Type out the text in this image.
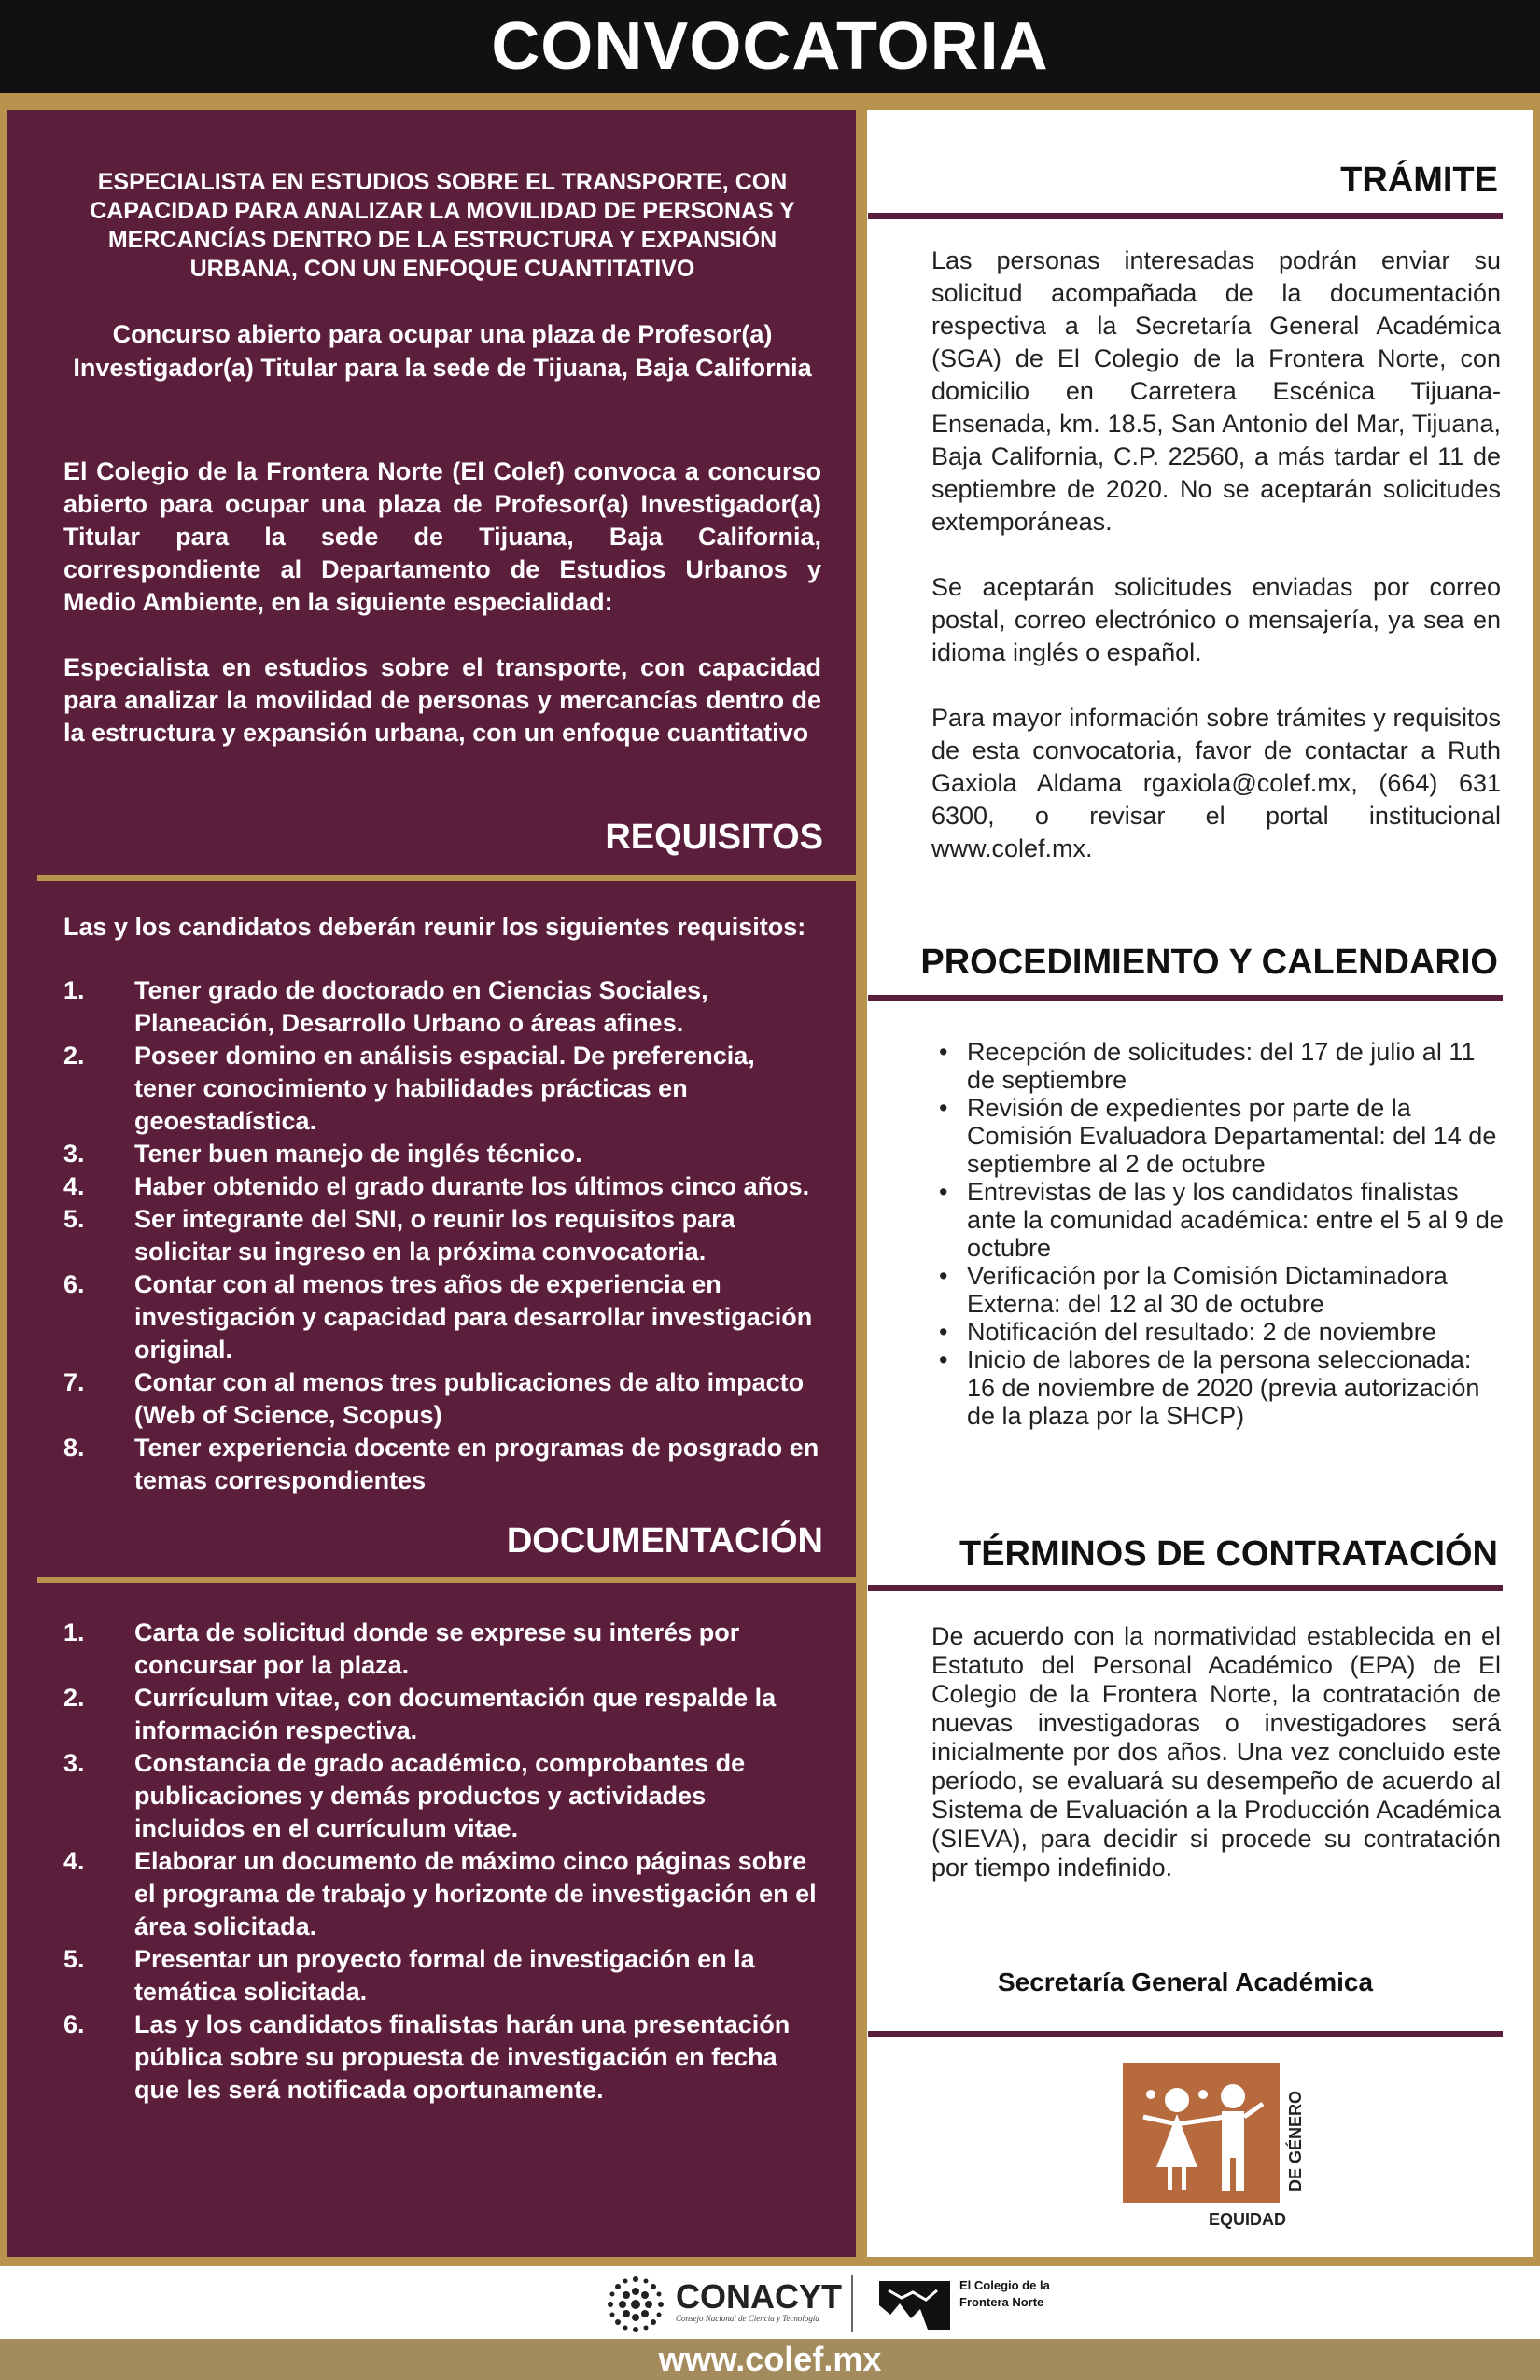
CONVOCATORIA
ESPECIALISTA EN ESTUDIOS SOBRE EL TRANSPORTE, CON CAPACIDAD PARA ANALIZAR LA MOVILIDAD DE PERSONAS Y MERCANCÍAS DENTRO DE LA ESTRUCTURA Y EXPANSIÓN URBANA, CON UN ENFOQUE CUANTITATIVO
Concurso abierto para ocupar una plaza de Profesor(a) Investigador(a) Titular para la sede de Tijuana, Baja California
El Colegio de la Frontera Norte (El Colef) convoca a concurso abierto para ocupar una plaza de Profesor(a) Investigador(a) Titular para la sede de Tijuana, Baja California, correspondiente al Departamento de Estudios Urbanos y Medio Ambiente, en la siguiente especialidad:
Especialista en estudios sobre el transporte, con capacidad para analizar la movilidad de personas y mercancías dentro de la estructura y expansión urbana, con un enfoque cuantitativo
REQUISITOS
Las y los candidatos deberán reunir los siguientes requisitos:
1. Tener grado de doctorado en Ciencias Sociales, Planeación, Desarrollo Urbano o áreas afines.
2. Poseer domino en análisis espacial. De preferencia, tener conocimiento y habilidades prácticas en geoestadística.
3. Tener buen manejo de inglés técnico.
4. Haber obtenido el grado durante los últimos cinco años.
5. Ser integrante del SNI, o reunir los requisitos para solicitar su ingreso en la próxima convocatoria.
6. Contar con al menos tres años de experiencia en investigación y capacidad para desarrollar investigación original.
7. Contar con al menos tres publicaciones de alto impacto (Web of Science, Scopus)
8. Tener experiencia docente en programas de posgrado en temas correspondientes
DOCUMENTACIÓN
1. Carta de solicitud donde se exprese su interés por concursar por la plaza.
2. Currículum vitae, con documentación que respalde la información respectiva.
3. Constancia de grado académico, comprobantes de publicaciones y demás productos y actividades incluidos en el currículum vitae.
4. Elaborar un documento de máximo cinco páginas sobre el programa de trabajo y horizonte de investigación en el área solicitada.
5. Presentar un proyecto formal de investigación en la temática solicitada.
6. Las y los candidatos finalistas harán una presentación pública sobre su propuesta de investigación en fecha que les será notificada oportunamente.
TRÁMITE
Las personas interesadas podrán enviar su solicitud acompañada de la documentación respectiva a la Secretaría General Académica (SGA) de El Colegio de la Frontera Norte, con domicilio en Carretera Escénica Tijuana-Ensenada, km. 18.5, San Antonio del Mar, Tijuana, Baja California, C.P. 22560, a más tardar el 11 de septiembre de 2020. No se aceptarán solicitudes extemporáneas.
Se aceptarán solicitudes enviadas por correo postal, correo electrónico o mensajería, ya sea en idioma inglés o español.
Para mayor información sobre trámites y requisitos de esta convocatoria, favor de contactar a Ruth Gaxiola Aldama rgaxiola@colef.mx, (664) 631 6300, o revisar el portal institucional www.colef.mx.
PROCEDIMIENTO Y CALENDARIO
• Recepción de solicitudes: del 17 de julio al 11 de septiembre
• Revisión de expedientes por parte de la Comisión Evaluadora Departamental: del 14 de septiembre al 2 de octubre
• Entrevistas de las y los candidatos finalistas ante la comunidad académica: entre el 5 al 9 de octubre
• Verificación por la Comisión Dictaminadora Externa: del 12 al 30 de octubre
• Notificación del resultado: 2 de noviembre
• Inicio de labores de la persona seleccionada: 16 de noviembre de 2020 (previa autorización de la plaza por la SHCP)
TÉRMINOS DE CONTRATACIÓN
De acuerdo con la normatividad establecida en el Estatuto del Personal Académico (EPA) de El Colegio de la Frontera Norte, la contratación de nuevas investigadoras o investigadores será inicialmente por dos años. Una vez concluido este período, se evaluará su desempeño de acuerdo al Sistema de Evaluación a la Producción Académica (SIEVA), para decidir si procede su contratación por tiempo indefinido.
Secretaría General Académica
EQUIDAD
DE GÉNERO
CONACYT
Consejo Nacional de Ciencia y Tecnología
El Colegio de la Frontera Norte
www.colef.mx
